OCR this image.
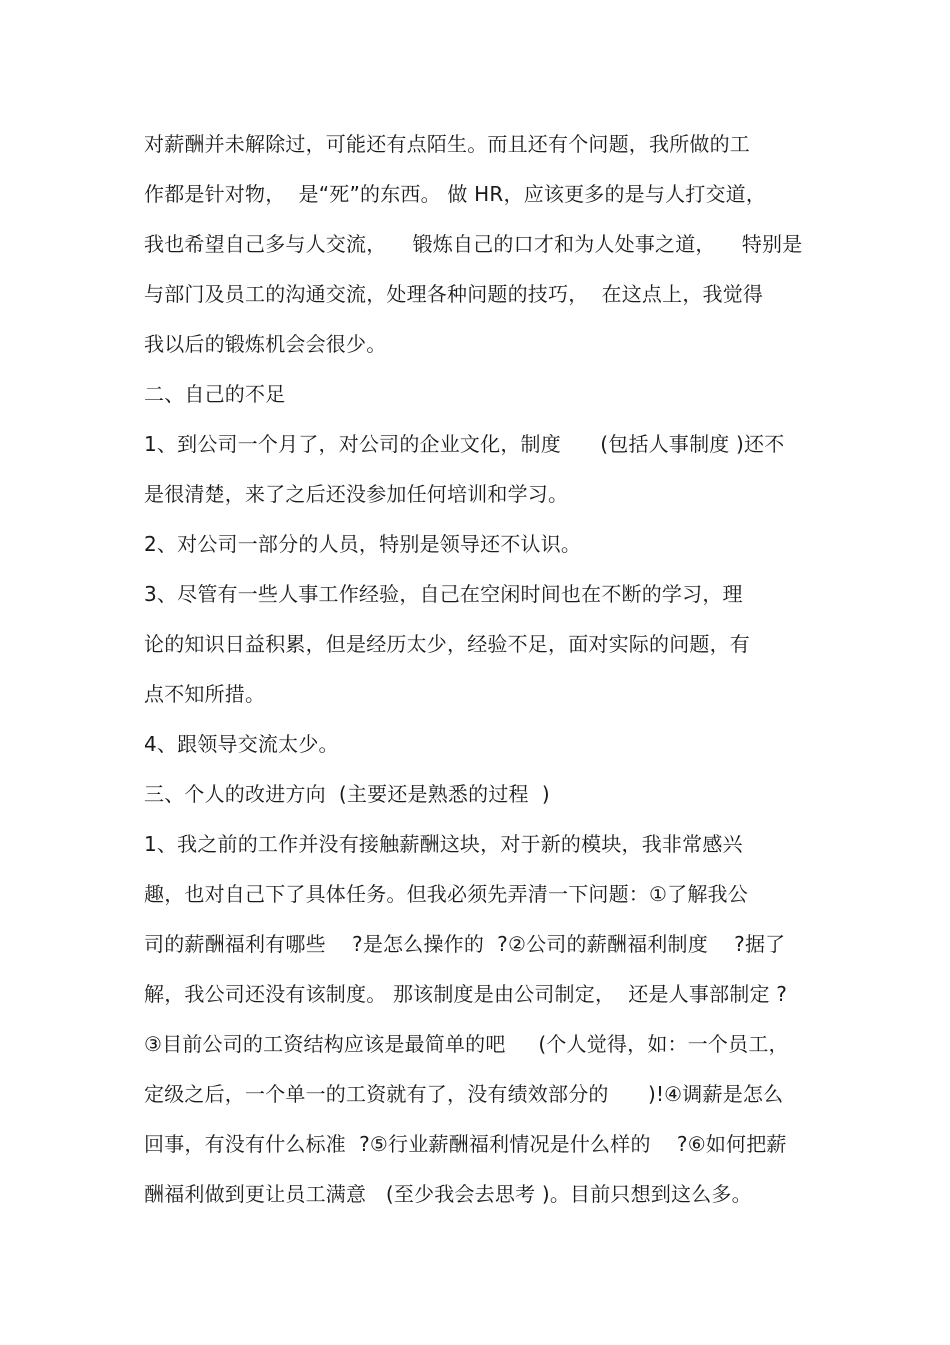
对薪酬并未解除过，可能还有点陌生。而且还有个问题，我所做的工

作都是针对物，  是“死”的东西。 做 HR，应该更多的是与人打交道，

我也希望自己多与人交流，    锻炼自己的口才和为人处事之道，    特别是

与部门及员工的沟通交流，处理各种问题的技巧，  在这点上，我觉得

我以后的锻炼机会会很少。

二、自己的不足

1、到公司一个月了，对公司的企业文化，制度      (包括人事制度 )还不

是很清楚，来了之后还没参加任何培训和学习。

2、对公司一部分的人员，特别是领导还不认识。

3、尽管有一些人事工作经验，自己在空闲时间也在不断的学习，理

论的知识日益积累，但是经历太少，经验不足，面对实际的问题，有

点不知所措。

4、跟领导交流太少。

三、个人的改进方向  (主要还是熟悉的过程  )

1、我之前的工作并没有接触薪酬这块，对于新的模块，我非常感兴

趣，也对自己下了具体任务。但我必须先弄清一下问题：①了解我公

司的薪酬福利有哪些    ?是怎么操作的  ?②公司的薪酬福利制度    ?据了

解，我公司还没有该制度。 那该制度是由公司制定，  还是人事部制定 ?

③目前公司的工资结构应该是最简单的吧     (个人觉得，如：一个员工，

定级之后，一个单一的工资就有了，没有绩效部分的      )!④调薪是怎么

回事，有没有什么标准  ?⑤行业薪酬福利情况是什么样的    ?⑥如何把薪

酬福利做到更让员工满意   (至少我会去思考 )。目前只想到这么多。
